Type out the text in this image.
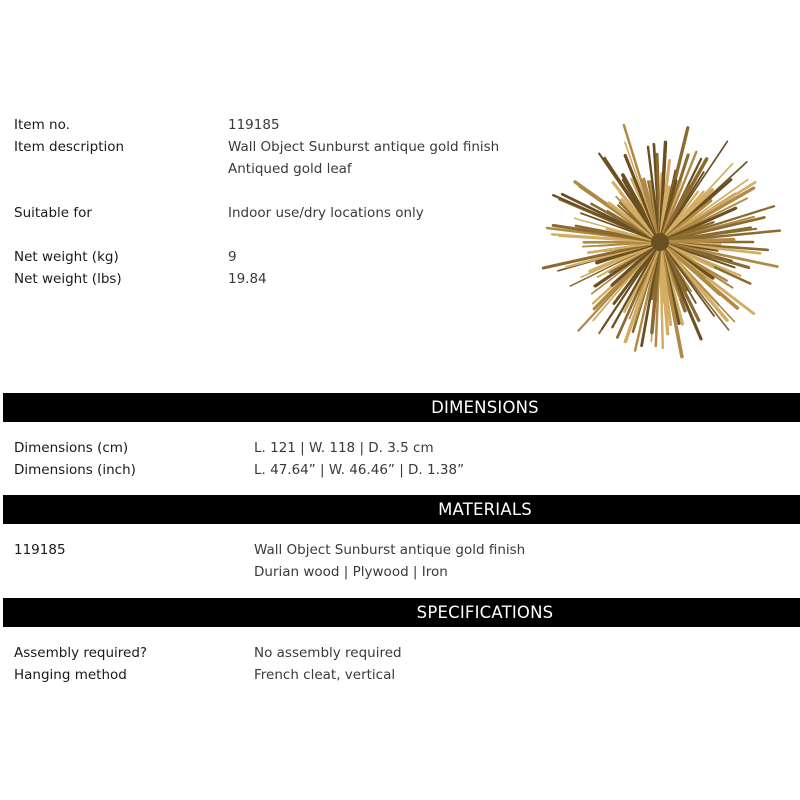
Item no.	119185
Item description	Wall Object Sunburst antique gold finish
Antiqued gold leaf
Suitable for	Indoor use/dry locations only
Net weight (kg)	9
Net weight (lbs)	19.84
DIMENSIONS
Dimensions (cm)	L. 121 | W. 118 | D. 3.5 cm
Dimensions (inch)	L. 47.64” | W. 46.46” | D. 1.38”
MATERIALS
119185	Wall Object Sunburst antique gold finish
Durian wood | Plywood | Iron
SPECIFICATIONS
Assembly required?	No assembly required
Hanging method	French cleat, vertical
